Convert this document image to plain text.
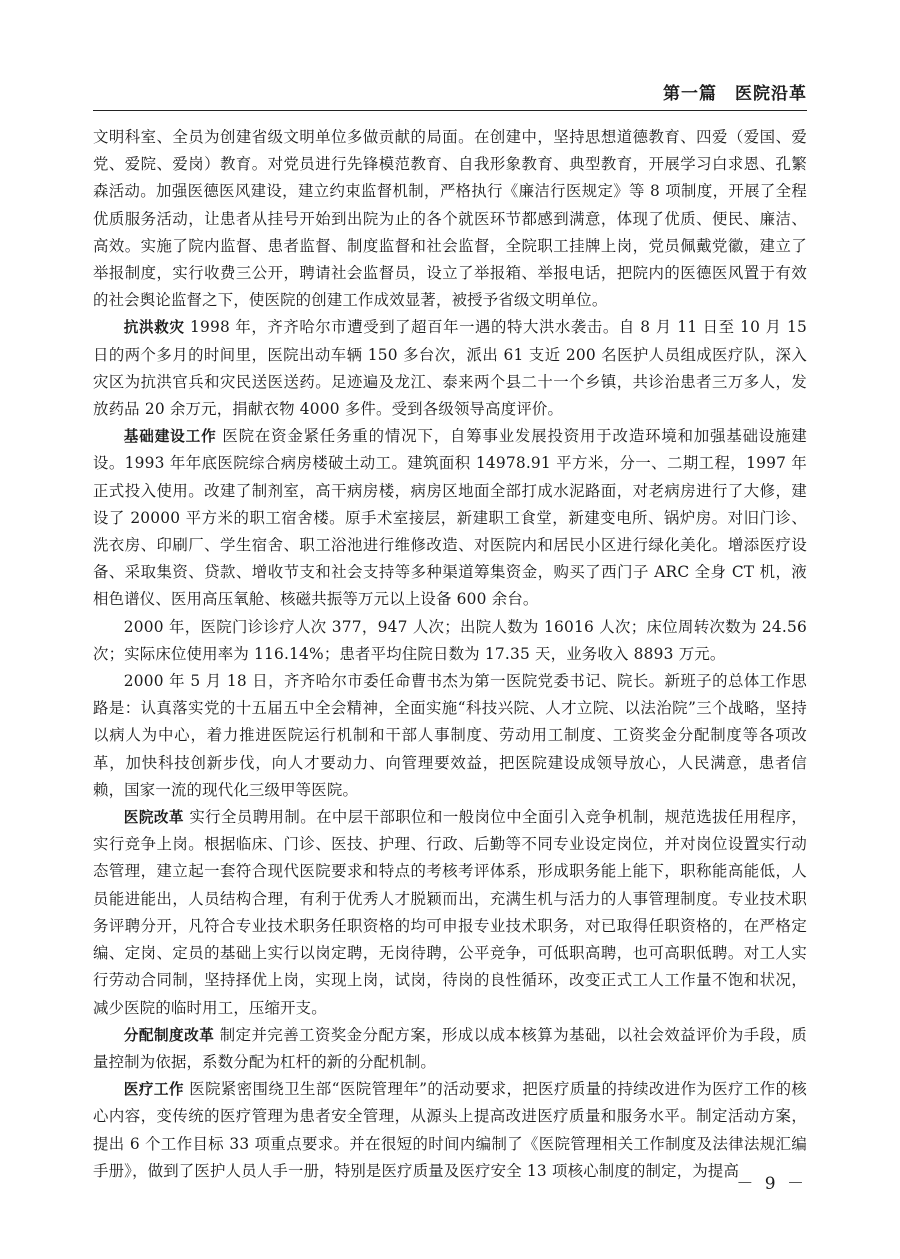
第一篇　医院沿革

文明科室、全员为创建省级文明单位多做贡献的局面。在创建中，坚持思想道德教育、四爱（爱国、爱党、爱院、爱岗）教育。对党员进行先锋模范教育、自我形象教育、典型教育，开展学习白求恩、孔繁森活动。加强医德医风建设，建立约束监督机制，严格执行《廉洁行医规定》等 8 项制度，开展了全程优质服务活动，让患者从挂号开始到出院为止的各个就医环节都感到满意，体现了优质、便民、廉洁、高效。实施了院内监督、患者监督、制度监督和社会监督，全院职工挂牌上岗，党员佩戴党徽，建立了举报制度，实行收费三公开，聘请社会监督员，设立了举报箱、举报电话，把院内的医德医风置于有效的社会舆论监督之下，使医院的创建工作成效显著，被授予省级文明单位。

抗洪救灾 1998 年，齐齐哈尔市遭受到了超百年一遇的特大洪水袭击。自 8 月 11 日至 10 月 15 日的两个多月的时间里，医院出动车辆 150 多台次，派出 61 支近 200 名医护人员组成医疗队，深入灾区为抗洪官兵和灾民送医送药。足迹遍及龙江、泰来两个县二十一个乡镇，共诊治患者三万多人，发放药品 20 余万元，捐献衣物 4000 多件。受到各级领导高度评价。

基础建设工作 医院在资金紧任务重的情况下，自筹事业发展投资用于改造环境和加强基础设施建设。1993 年年底医院综合病房楼破土动工。建筑面积 14978.91 平方米，分一、二期工程，1997 年正式投入使用。改建了制剂室，高干病房楼，病房区地面全部打成水泥路面，对老病房进行了大修，建设了 20000 平方米的职工宿舍楼。原手术室接层，新建职工食堂，新建变电所、锅炉房。对旧门诊、洗衣房、印刷厂、学生宿舍、职工浴池进行维修改造、对医院内和居民小区进行绿化美化。增添医疗设备、采取集资、贷款、增收节支和社会支持等多种渠道筹集资金，购买了西门子 ARC 全身 CT 机，液相色谱仪、医用高压氧舱、核磁共振等万元以上设备 600 余台。

2000 年，医院门诊诊疗人次 377，947 人次；出院人数为 16016 人次；床位周转次数为 24.56 次；实际床位使用率为 116.14%；患者平均住院日数为 17.35 天，业务收入 8893 万元。

2000 年 5 月 18 日，齐齐哈尔市委任命曹书杰为第一医院党委书记、院长。新班子的总体工作思路是：认真落实党的十五届五中全会精神，全面实施“科技兴院、人才立院、以法治院”三个战略，坚持以病人为中心，着力推进医院运行机制和干部人事制度、劳动用工制度、工资奖金分配制度等各项改革，加快科技创新步伐，向人才要动力、向管理要效益，把医院建设成领导放心，人民满意，患者信赖，国家一流的现代化三级甲等医院。

医院改革 实行全员聘用制。在中层干部职位和一般岗位中全面引入竞争机制，规范选拔任用程序，实行竞争上岗。根据临床、门诊、医技、护理、行政、后勤等不同专业设定岗位，并对岗位设置实行动态管理，建立起一套符合现代医院要求和特点的考核考评体系，形成职务能上能下，职称能高能低，人员能进能出，人员结构合理，有利于优秀人才脱颖而出，充满生机与活力的人事管理制度。专业技术职务评聘分开，凡符合专业技术职务任职资格的均可申报专业技术职务，对已取得任职资格的，在严格定编、定岗、定员的基础上实行以岗定聘，无岗待聘，公平竞争，可低职高聘，也可高职低聘。对工人实行劳动合同制，坚持择优上岗，实现上岗，试岗，待岗的良性循环，改变正式工人工作量不饱和状况，减少医院的临时用工，压缩开支。

分配制度改革 制定并完善工资奖金分配方案，形成以成本核算为基础，以社会效益评价为手段，质量控制为依据，系数分配为杠杆的新的分配机制。

医疗工作 医院紧密围绕卫生部“医院管理年”的活动要求，把医疗质量的持续改进作为医疗工作的核心内容，变传统的医疗管理为患者安全管理，从源头上提高改进医疗质量和服务水平。制定活动方案，提出 6 个工作目标 33 项重点要求。并在很短的时间内编制了《医院管理相关工作制度及法律法规汇编手册》，做到了医护人员人手一册，特别是医疗质量及医疗安全 13 项核心制度的制定，为提高

－ 9 －
